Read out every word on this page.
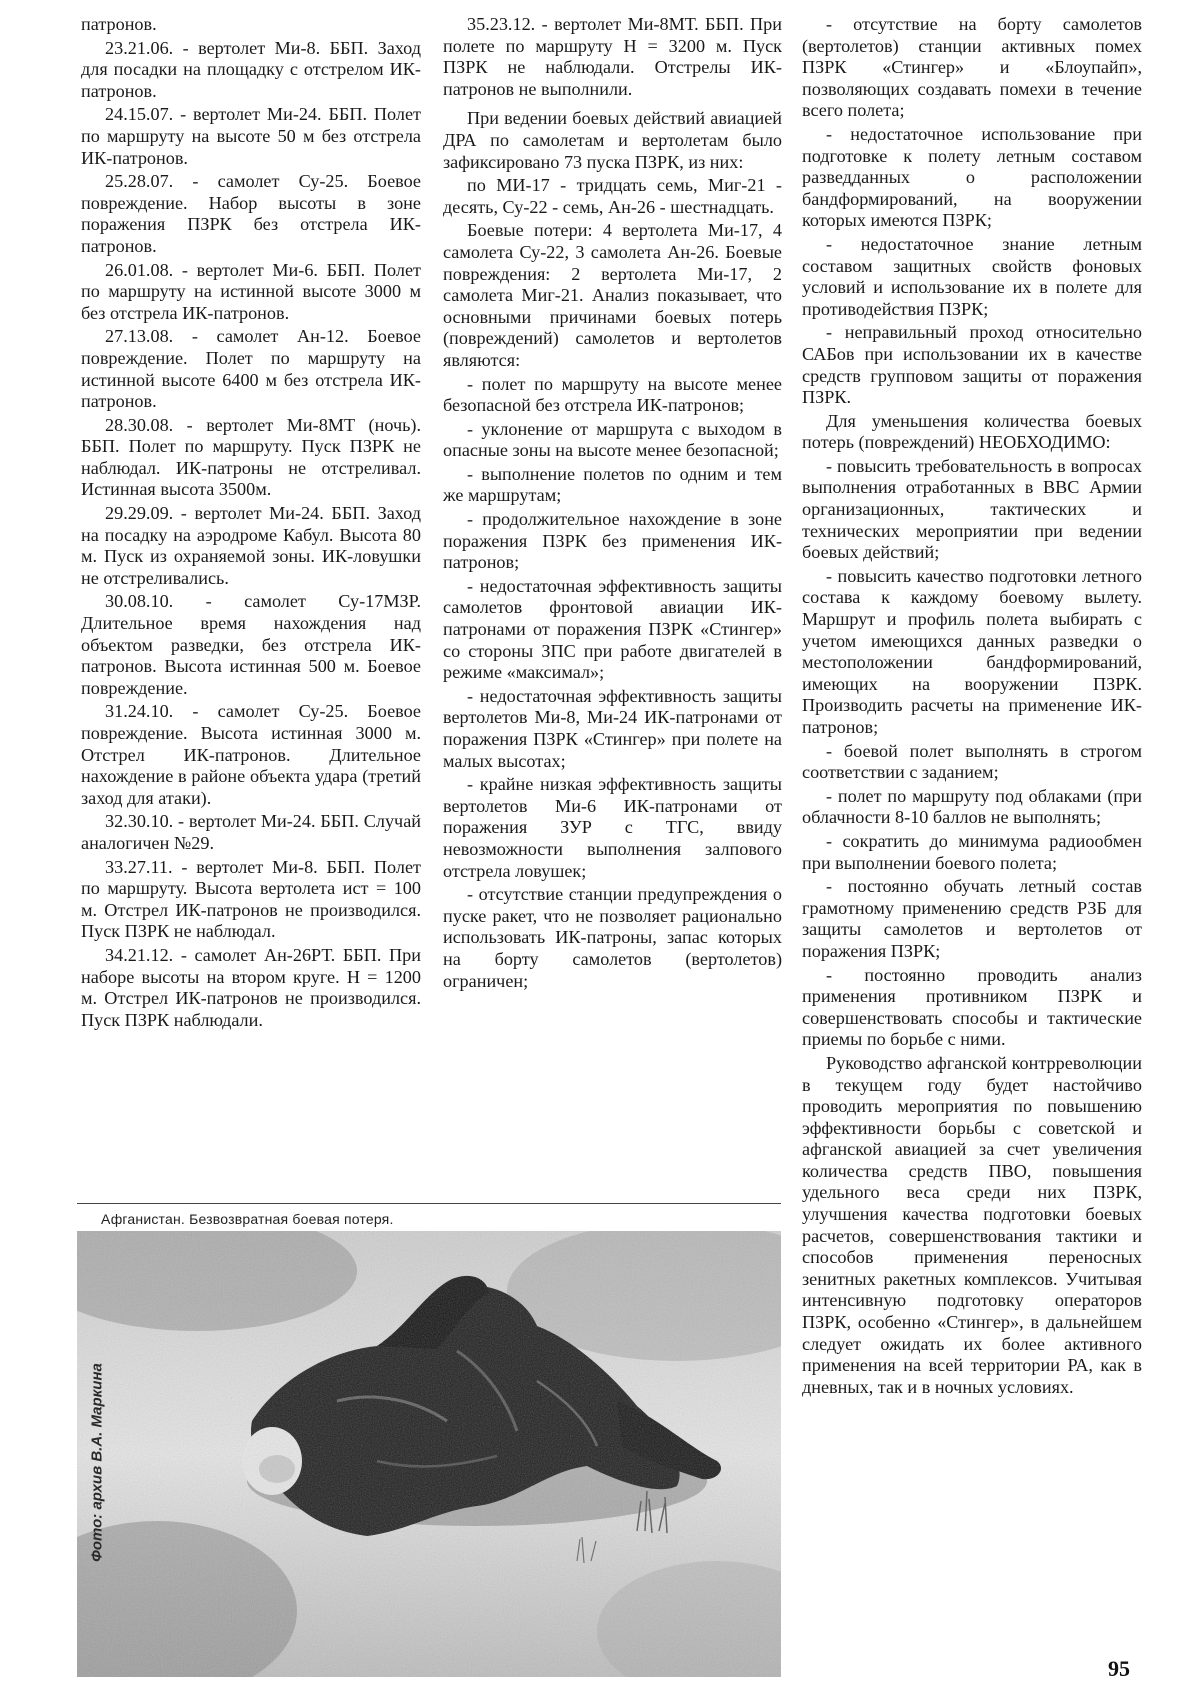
патронов.

23.21.06. - вертолет Ми-8. ББП. Заход для посадки на площадку с отстрелом ИК-патронов.

24.15.07. - вертолет Ми-24. ББП. Полет по маршруту на высоте 50 м без отстрела ИК-патронов.

25.28.07. - самолет Су-25. Боевое повреждение. Набор высоты в зоне поражения ПЗРК без отстрела ИК-патронов.

26.01.08. - вертолет Ми-6. ББП. Полет по маршруту на истинной высоте 3000 м без отстрела ИК-патронов.

27.13.08. - самолет Ан-12. Боевое повреждение. Полет по маршруту на истинной высоте 6400 м без отстрела ИК-патронов.

28.30.08. - вертолет Ми-8МТ (ночь). ББП. Полет по маршруту. Пуск ПЗРК не наблюдал. ИК-патроны не отстреливал. Истинная высота 3500м.

29.29.09. - вертолет Ми-24. ББП. Заход на посадку на аэродроме Кабул. Высота 80 м. Пуск из охраняемой зоны. ИК-ловушки не отстреливались.

30.08.10. - самолет Су-17МЗР. Длительное время нахождения над объектом разведки, без отстрела ИК-патронов. Высота истинная 500 м. Боевое повреждение.

31.24.10. - самолет Су-25. Боевое повреждение. Высота истинная 3000 м. Отстрел ИК-патронов. Длительное нахождение в районе объекта удара (третий заход для атаки).

32.30.10. - вертолет Ми-24. ББП. Случай аналогичен №29.

33.27.11. - вертолет Ми-8. ББП. Полет по маршруту. Высота вертолета ист = 100 м. Отстрел ИК-патронов не производился. Пуск ПЗРК не наблюдал.

34.21.12. - самолет Ан-26РТ. ББП. При наборе высоты на втором круге. Н = 1200 м. Отстрел ИК-патронов не производился. Пуск ПЗРК наблюдали.

35.23.12. - вертолет Ми-8МТ. ББП. При полете по маршруту Н = 3200 м. Пуск ПЗРК не наблюдали. Отстрелы ИК-патронов не выполнили.

При ведении боевых действий авиацией ДРА по самолетам и вертолетам было зафиксировано 73 пуска ПЗРК, из них:

по МИ-17 - тридцать семь, Миг-21 - десять, Су-22 - семь, Ан-26 - шестнадцать.

Боевые потери: 4 вертолета Ми-17, 4 самолета Су-22, 3 самолета Ан-26. Боевые повреждения: 2 вертолета Ми-17, 2 самолета Миг-21. Анализ показывает, что основными причинами боевых потерь (повреждений) самолетов и вертолетов являются:

- полет по маршруту на высоте менее безопасной без отстрела ИК-патронов;

- уклонение от маршрута с выходом в опасные зоны на высоте менее безопасной;

- выполнение полетов по одним и тем же маршрутам;

- продолжительное нахождение в зоне поражения ПЗРК без применения ИК-патронов;

- недостаточная эффективность защиты самолетов фронтовой авиации ИК-патронами от поражения ПЗРК «Стингер» со стороны ЗПС при работе двигателей в режиме «максимал»;

- недостаточная эффективность защиты вертолетов Ми-8, Ми-24 ИК-патронами от поражения ПЗРК «Стингер» при полете на малых высотах;

- крайне низкая эффективность защиты вертолетов Ми-6 ИК-патронами от поражения ЗУР с ТГС, ввиду невозможности выполнения залпового отстрела ловушек;

- отсутствие станции предупреждения о пуске ракет, что не позволяет рационально использовать ИК-патроны, запас которых на борту самолетов (вертолетов) ограничен;

- отсутствие на борту самолетов (вертолетов) станции активных помех ПЗРК «Стингер» и «Блоупайп», позволяющих создавать помехи в течение всего полета;

- недостаточное использование при подготовке к полету летным составом разведданных о расположении бандформирований, на вооружении которых имеются ПЗРК;

- недостаточное знание летным составом защитных свойств фоновых условий и использование их в полете для противодействия ПЗРК;

- неправильный проход относительно САБов при использовании их в качестве средств групповом защиты от поражения ПЗРК.

Для уменьшения количества боевых потерь (повреждений) НЕОБХОДИМО:

- повысить требовательность в вопросах выполнения отработанных в ВВС Армии организационных, тактических и технических мероприятии при ведении боевых действий;

- повысить качество подготовки летного состава к каждому боевому вылету. Маршрут и профиль полета выбирать с учетом имеющихся данных разведки о местоположении бандформирований, имеющих на вооружении ПЗРК. Производить расчеты на применение ИК-патронов;

- боевой полет выполнять в строгом соответствии с заданием;

- полет по маршруту под облаками (при облачности 8-10 баллов не выполнять;

- сократить до минимума радиообмен при выполнении боевого полета;

- постоянно обучать летный состав грамотному применению средств РЗБ для защиты самолетов и вертолетов от поражения ПЗРК;

- постоянно проводить анализ применения противником ПЗРК и совершенствовать способы и тактические приемы по борьбе с ними.

Руководство афганской контрреволюции в текущем году будет настойчиво проводить мероприятия по повышению эффективности борьбы с советской и афганской авиацией за счет увеличения количества средств ПВО, повышения удельного веса среди них ПЗРК, улучшения качества подготовки боевых расчетов, совершенствования тактики и способов применения переносных зенитных ракетных комплексов. Учитывая интенсивную подготовку операторов ПЗРК, особенно «Стингер», в дальнейшем следует ожидать их более активного применения на всей территории РА, как в дневных, так и в ночных условиях.

Афганистан. Безвозвратная боевая потеря.
Фото: архив В.А. Маркина
95
